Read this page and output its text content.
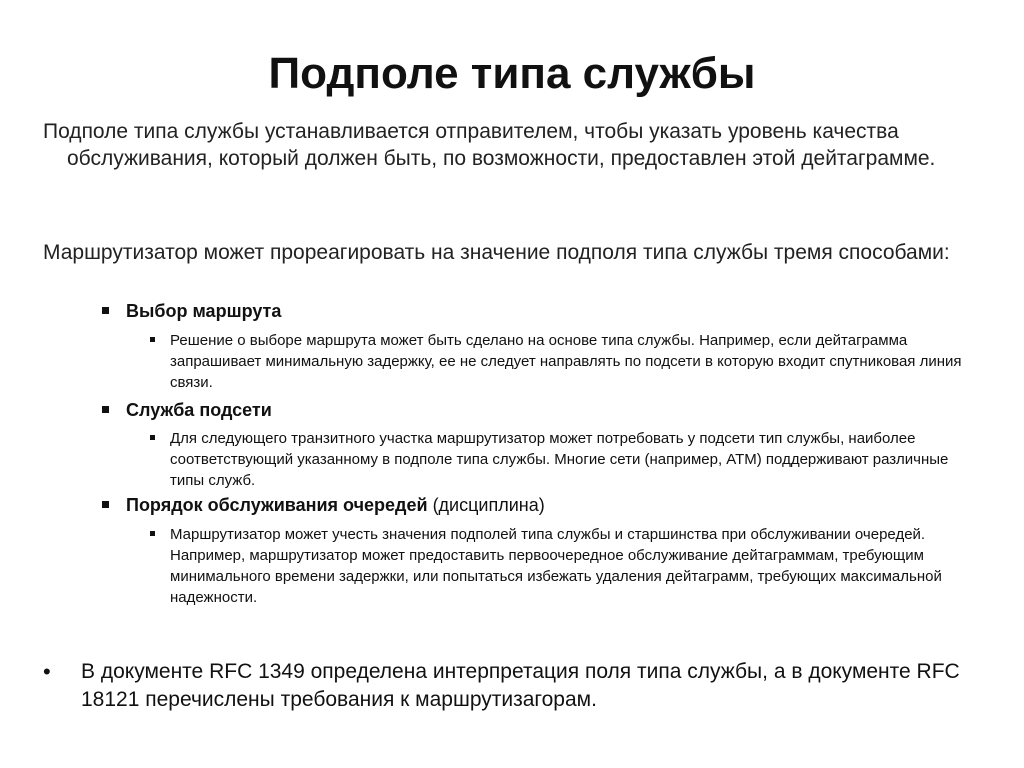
Подполе типа службы

Подполе типа службы устанавливается отправителем, чтобы указать уровень качества обслуживания, который должен быть, по возможности, предоставлен этой дейтаграмме.

Маршрутизатор может прореагировать на значение подполя типа службы тремя способами:

Выбор маршрута
Решение о выборе маршрута может быть сделано на основе типа службы. Например, если дейтаграмма запрашивает минимальную задержку, ее не следует направлять по подсети в которую входит спутниковая линия связи.
Служба подсети
Для следующего транзитного участка маршрутизатор может потребовать у подсети тип службы, наиболее соответствующий указанному в подполе типа службы. Многие сети (например, АТМ) поддерживают различные типы служб.
Порядок обслуживания очередей (дисциплина)
Маршрутизатор может учесть значения подполей типа службы и старшинства при обслуживании очередей. Например, маршрутизатор может предоставить первоочередное обслуживание дейтаграммам, требующим минимального времени задержки, или попытаться избежать удаления дейтаграмм, требующих максимальной надежности.
• В документе RFC 1349 определена интерпретация поля типа службы, а в документе RFC 18121 перечислены требования к маршрутизагорам.
